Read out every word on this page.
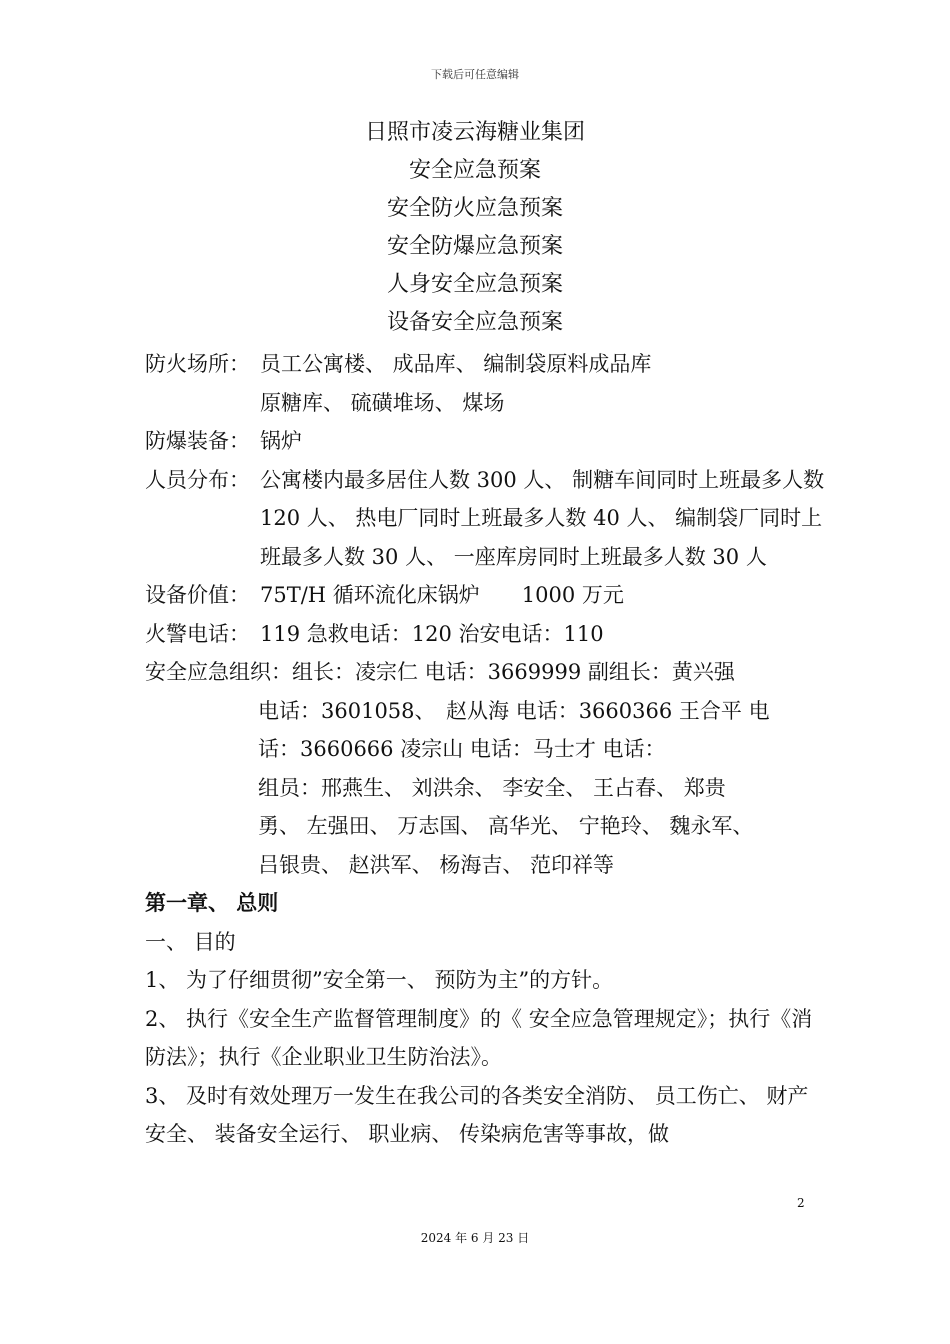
下载后可任意编辑
日照市凌云海糖业集团
安全应急预案
安全防火应急预案
安全防爆应急预案
人身安全应急预案
设备安全应急预案
防火场所： 员工公寓楼、 成品库、 编制袋原料成品库
原糖库、 硫磺堆场、 煤场
防爆装备： 锅炉
人员分布： 公寓楼内最多居住人数 300 人、 制糖车间同时上班最多人数 120 人、 热电厂同时上班最多人数 40 人、 编制袋厂同时上班最多人数 30 人、 一座库房同时上班最多人数 30 人
设备价值： 75T/H 循环流化床锅炉　　1000 万元
火警电话： 119 急救电话：120 治安电话：110
安全应急组织：组长：凌宗仁 电话：3669999 副组长：黄兴强
电话：3601058、　赵从海 电话：3660366 王合平 电
话：3660666 凌宗山 电话：马士才 电话：
组员：邢燕生、 刘洪余、 李安全、 王占春、 郑贵
勇、 左强田、 万志国、 高华光、 宁艳玲、 魏永军、
吕银贵、 赵洪军、 杨海吉、 范印祥等
第一章、 总则
一、 目的
1、 为了仔细贯彻”安全第一、 预防为主”的方针。
2、 执行《安全生产监督管理制度》的《 安全应急管理规定》；执行《消防法》；执行《企业职业卫生防治法》。
3、 及时有效处理万一发生在我公司的各类安全消防、 员工伤亡、 财产安全、 装备安全运行、 职业病、 传染病危害等事故，做
2
2024 年 6 月 23 日
